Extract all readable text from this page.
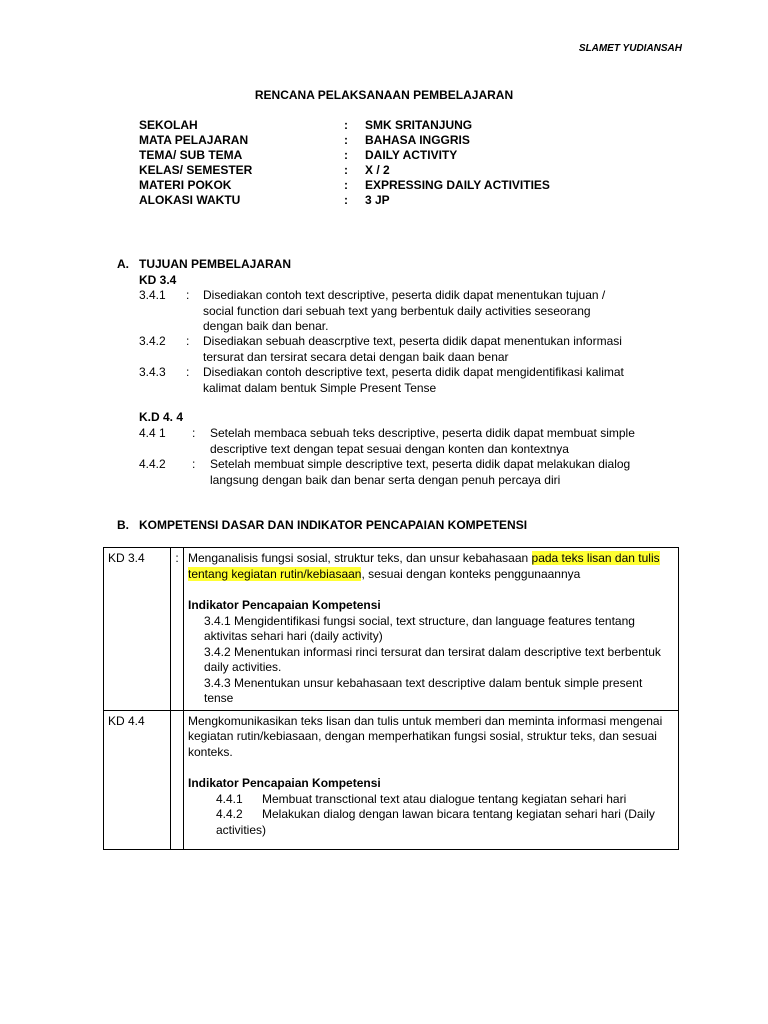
SLAMET YUDIANSAH
RENCANA PELAKSANAAN PEMBELAJARAN
SEKOLAH	: SMK SRITANJUNG
MATA PELAJARAN	: BAHASA INGGRIS
TEMA/ SUB TEMA	: DAILY ACTIVITY
KELAS/ SEMESTER	: X / 2
MATERI POKOK	: EXPRESSING DAILY ACTIVITIES
ALOKASI WAKTU	: 3 JP
A. TUJUAN PEMBELAJARAN
KD 3.4
3.4.1 : Disediakan contoh text descriptive, peserta didik dapat menentukan tujuan / social function dari sebuah text yang berbentuk daily activities seseorang dengan baik dan benar.
3.4.2 : Disediakan sebuah deascrptive text, peserta didik dapat menentukan informasi tersurat dan tersirat secara detai dengan baik daan benar
3.4.3 : Disediakan contoh descriptive text, peserta didik dapat mengidentifikasi kalimat kalimat dalam bentuk Simple Present Tense
K.D 4. 4
4.4 1 : Setelah membaca sebuah teks descriptive, peserta didik dapat membuat simple descriptive text dengan tepat sesuai dengan konten dan kontextnya
4.4.2 : Setelah membuat simple descriptive text, peserta didik dapat melakukan dialog langsung dengan baik dan benar serta dengan penuh percaya diri
B. KOMPETENSI DASAR DAN INDIKATOR PENCAPAIAN KOMPETENSI
KD 3.4	:	Menganalisis fungsi sosial, struktur teks, dan unsur kebahasaan pada teks lisan dan tulis tentang kegiatan rutin/kebiasaan, sesuai dengan konteks penggunaannya
Indikator Pencapaian Kompetensi
3.4.1 Mengidentifikasi fungsi social, text structure, dan language features tentang aktivitas sehari hari (daily activity)
3.4.2 Menentukan informasi rinci tersurat dan tersirat dalam descriptive text berbentuk daily activities.
3.4.3 Menentukan unsur kebahasaan text descriptive dalam bentuk simple present tense

KD 4.4		Mengkomunikasikan teks lisan dan tulis untuk memberi dan meminta informasi mengenai kegiatan rutin/kebiasaan, dengan memperhatikan fungsi sosial, struktur teks, dan sesuai konteks.
Indikator Pencapaian Kompetensi
4.4.1 Membuat transctional text atau dialogue tentang kegiatan sehari hari
4.4.2 Melakukan dialog dengan lawan bicara tentang kegiatan sehari hari (Daily activities)
